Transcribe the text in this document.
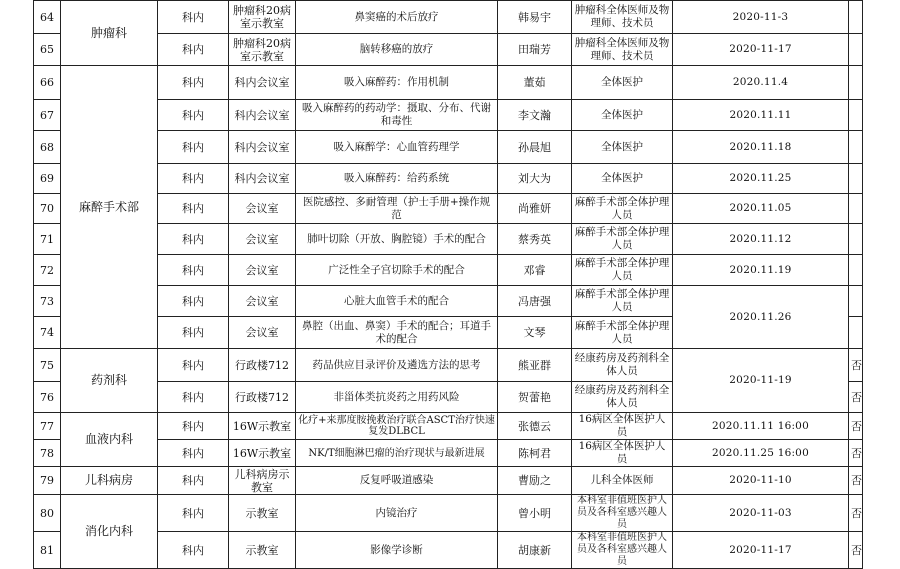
64	肿瘤科	科内	肿瘤科20病室示教室	鼻窦癌的术后放疗	韩易宇	肿瘤科全体医师及物理师、技术员	2020-11-3	
65		科内	肿瘤科20病室示教室	脑转移癌的放疗	田瑞芳	肿瘤科全体医师及物理师、技术员	2020-11-17	
66	麻醉手术部	科内	科内会议室	吸入麻醉药：作用机制	董茹	全体医护	2020.11.4	
67		科内	科内会议室	吸入麻醉药的药动学：摄取、分布、代谢和毒性	李文瀚	全体医护	2020.11.11	
68		科内	科内会议室	吸入麻醉学：心血管药理学	孙晨旭	全体医护	2020.11.18	
69		科内	科内会议室	吸入麻醉药：给药系统	刘大为	全体医护	2020.11.25	
70		科内	会议室	医院感控、多耐管理（护士手册+操作规范	尚雅妍	麻醉手术部全体护理人员	2020.11.05	
71		科内	会议室	肺叶切除（开放、胸腔镜）手术的配合	蔡秀英	麻醉手术部全体护理人员	2020.11.12	
72		科内	会议室	广泛性全子宫切除手术的配合	邓睿	麻醉手术部全体护理人员	2020.11.19	
73		科内	会议室	心脏大血管手术的配合	冯唐强	麻醉手术部全体护理人员	2020.11.26	
74		科内	会议室	鼻腔（出血、鼻窦）手术的配合；耳道手术的配合	文琴	麻醉手术部全体护理人员		
75	药剂科	科内	行政楼712	药品供应目录评价及遴选方法的思考	熊亚群	经康药房及药剂科全体人员	2020-11-19	否
76		科内	行政楼712	非甾体类抗炎药之用药风险	贺蕾艳	经康药房及药剂科全体人员		否
77	血液内科	科内	16W示教室	化疗+来那度胺挽救治疗联合ASCT治疗快速复发DLBCL	张德云	16病区全体医护人员	2020.11.11 16:00	否
78		科内	16W示教室	NK/T细胞淋巴瘤的治疗现状与最新进展	陈柯君	16病区全体医护人员	2020.11.25 16:00	否
79	儿科病房	科内	儿科病房示教室	反复呼吸道感染	曹励之	儿科全体医师	2020-11-10	否
80	消化内科	科内	示教室	内镜治疗	曾小明	本科室非值班医护人员及各科室感兴趣人员	2020-11-03	否
81		科内	示教室	影像学诊断	胡康新	本科室非值班医护人员及各科室感兴趣人员	2020-11-17	否
